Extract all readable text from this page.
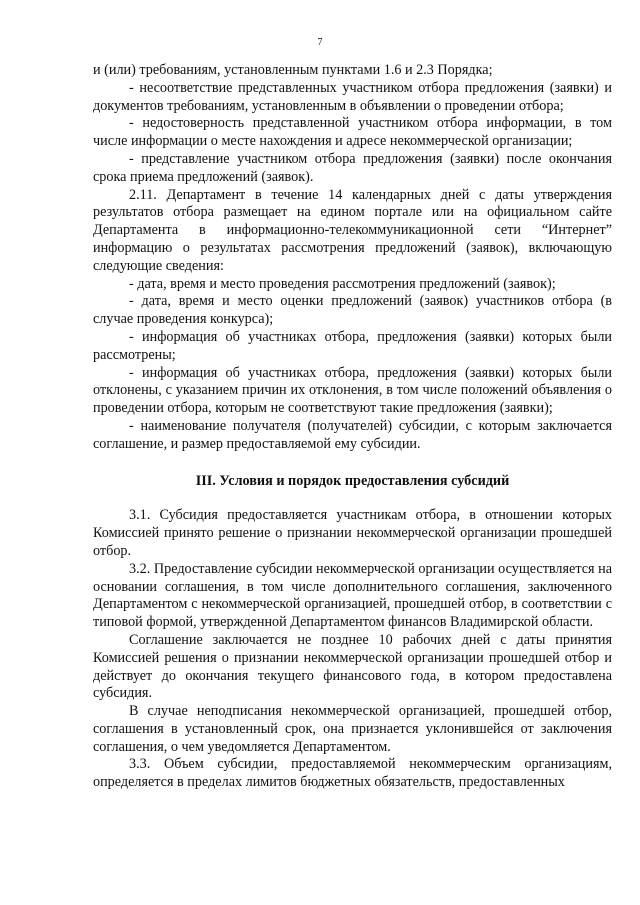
7

и (или) требованиям, установленным пунктами 1.6 и 2.3 Порядка;

- несоответствие представленных участником отбора предложения (заявки) и документов требованиям, установленным в объявлении о проведении отбора;

- недостоверность представленной участником отбора информации, в том числе информации о месте нахождения и адресе некоммерческой организации;

- представление участником отбора предложения (заявки) после окончания срока приема предложений (заявок).

2.11. Департамент в течение 14 календарных дней с даты утверждения результатов отбора размещает на едином портале или на официальном сайте Департамента в информационно-телекоммуникационной сети “Интернет” информацию о результатах рассмотрения предложений (заявок), включающую следующие сведения:

- дата, время и место проведения рассмотрения предложений (заявок);

- дата, время и место оценки предложений (заявок) участников отбора (в случае проведения конкурса);

- информация об участниках отбора, предложения (заявки) которых были рассмотрены;

- информация об участниках отбора, предложения (заявки) которых были отклонены, с указанием причин их отклонения, в том числе положений объявления о проведении отбора, которым не соответствуют такие предложения (заявки);

- наименование получателя (получателей) субсидии, с которым заключается соглашение, и размер предоставляемой ему субсидии.

III. Условия и порядок предоставления субсидий

3.1. Субсидия предоставляется участникам отбора, в отношении которых Комиссией принято решение о признании некоммерческой организации прошедшей отбор.

3.2. Предоставление субсидии некоммерческой организации осуществляется на основании соглашения, в том числе дополнительного соглашения, заключенного Департаментом с некоммерческой организацией, прошедшей отбор, в соответствии с типовой формой, утвержденной Департаментом финансов Владимирской области.

Соглашение заключается не позднее 10 рабочих дней с даты принятия Комиссией решения о признании некоммерческой организации прошедшей отбор и действует до окончания текущего финансового года, в котором предоставлена субсидия.

В случае неподписания некоммерческой организацией, прошедшей отбор, соглашения в установленный срок, она признается уклонившейся от заключения соглашения, о чем уведомляется Департаментом.

3.3. Объем субсидии, предоставляемой некоммерческим организациям, определяется в пределах лимитов бюджетных обязательств, предоставленных
